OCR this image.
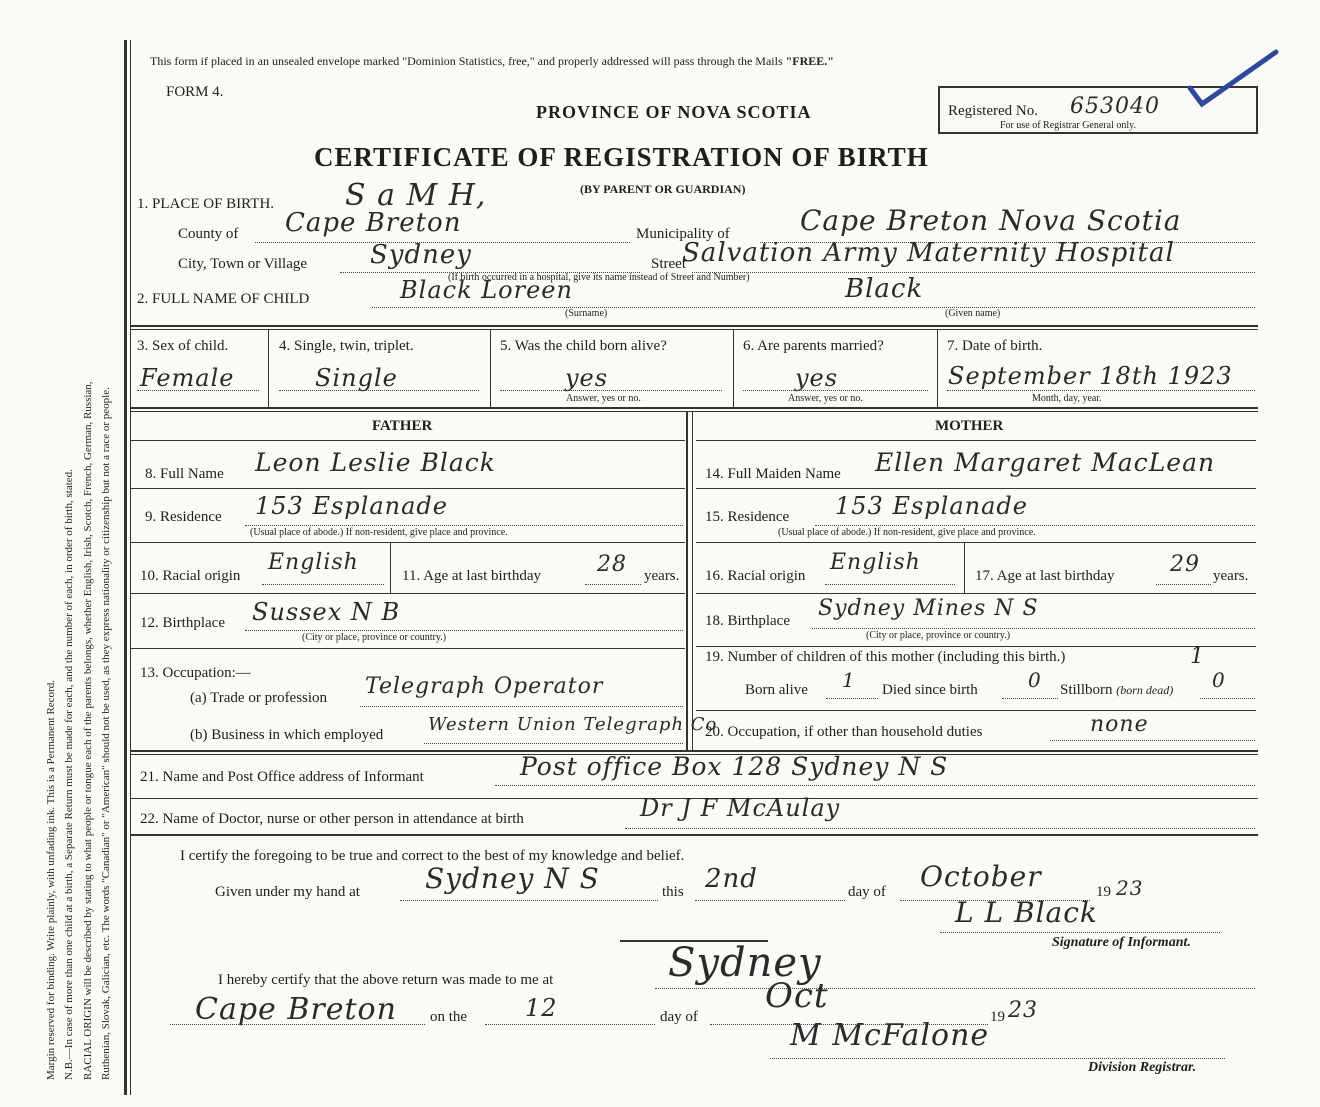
Margin reserved for binding. Write plainly, with unfading ink. This is a Permanent Record. N.B.—In case of more than one child at a birth, a Separate Return must be made for each, and the number of each, in order of birth, stated. RACIAL ORIGIN will be described by stating to what people or tongue each of the parents belongs, whether English, Irish, Scotch, French, German, Russian, Ruthenian, Slovak, Galician, etc. The words "Canadian" or "American" should not be used, as they express nationality or citizenship but not a race or people.
This form if placed in an unsealed envelope marked "Dominion Statistics, free," and properly addressed will pass through the Mails "FREE."
FORM 4.
PROVINCE OF NOVA SCOTIA
CERTIFICATE OF REGISTRATION OF BIRTH
(BY PARENT OR GUARDIAN)
Registered No. 653040
For use of Registrar General only.
1. PLACE OF BIRTH. S a M H,
County of Cape Breton	Municipality of	Cape Breton Nova Scotia
City, Town or Village Sydney	Street
Salvation Army Maternity Hospital
(If birth occurred in a hospital, give its name instead of Street and Number)
2. FULL NAME OF CHILD	Black Loreen
(Surname)
Black
(Given name)
3. Sex of child.
Female
4. Single, twin, triplet.
Single
5. Was the child born alive?
yes
Answer, yes or no.
6. Are parents married?
yes
Answer, yes or no.
7. Date of birth.
September 18th 1923
Month, day, year.
FATHER	MOTHER
8. Full Name Leon Leslie Black
9. Residence 153 Esplanade
(Usual place of abode.) If non-resident, give place and province.
10. Racial origin
English
11. Age at last birthday	28 years.
12. Birthplace Sussex N B
(City or place, province or country.)
13. Occupation:—
(a) Trade or profession Telegraph Operator
(b) Business in which employed Western Union Telegraph Co
14. Full Maiden Name Ellen Margaret MacLean
15. Residence 153 Esplanade
(Usual place of abode.) If non-resident, give place and province.
16. Racial origin
English
17. Age at last birthday	29 years.
18. Birthplace Sydney Mines N S
(City or place, province or country.)
19. Number of children of this mother (including this birth.)	1
Born alive 1 Died since birth	0 Stillborn (born dead) 0
20. Occupation, if other than household duties	none
21. Name and Post Office address of Informant	Post office Box 128 Sydney N S
22. Name of Doctor, nurse or other person in attendance at birth	Dr J F McAulay
I certify the foregoing to be true and correct to the best of my knowledge and belief.
Given under my hand at Sydney N S	this 2nd	day of October	19 23
L L Black
Signature of Informant.
I hereby certify that the above return was made to me at	Sydney
Cape Breton on the 12	day of
Oct
19 23
M McFalone
Division Registrar.
